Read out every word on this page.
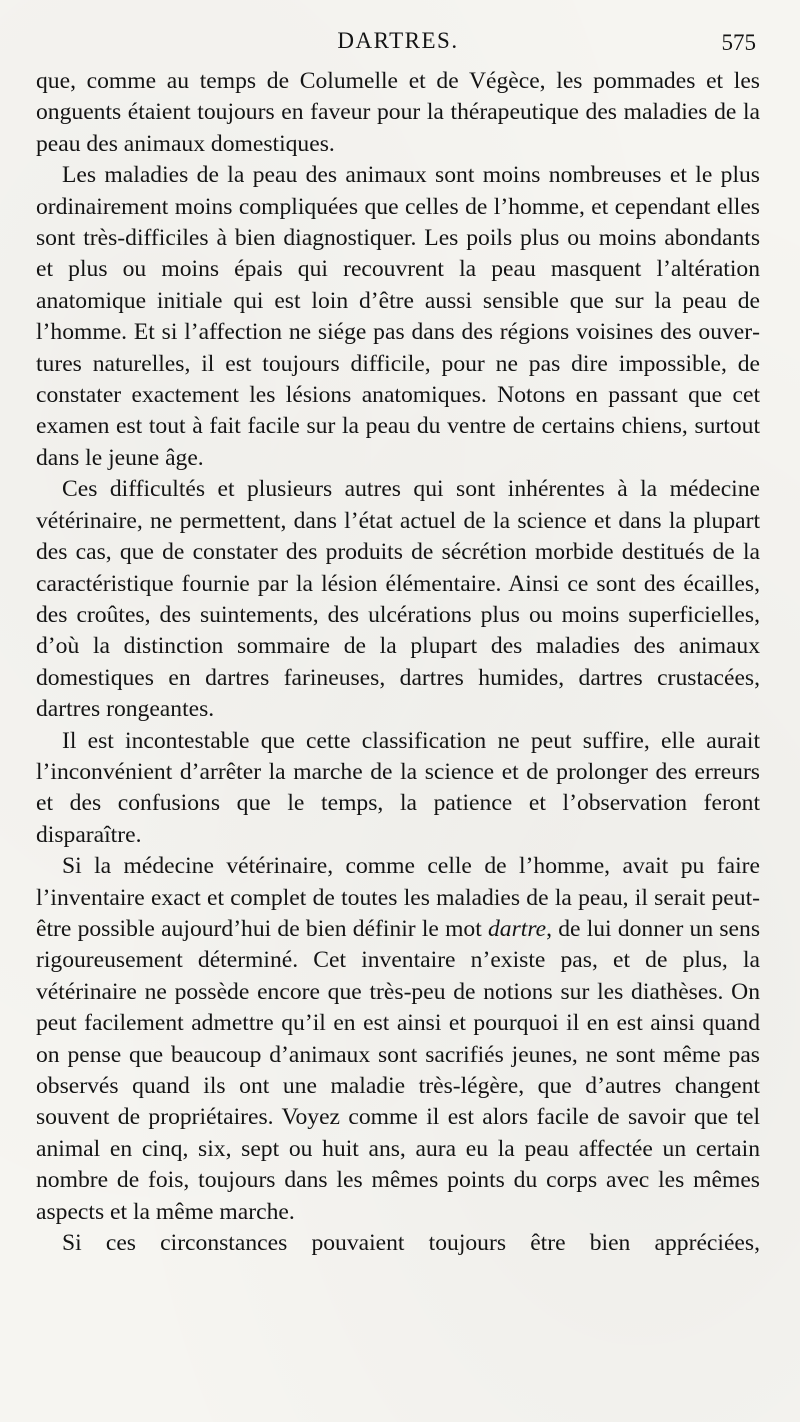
DARTRES.	575

que, comme au temps de Columelle et de Végèce, les pommades et les onguents étaient toujours en faveur pour la thérapeutique des maladies de la peau des animaux domestiques.

Les maladies de la peau des animaux sont moins nombreuses et le plus ordinairement moins compliquées que celles de l’homme, et cependant elles sont très-difficiles à bien diagnostiquer. Les poils plus ou moins abondants et plus ou moins épais qui recouvrent la peau masquent l’altération anatomique initiale qui est loin d’être aussi sensible que sur la peau de l’homme. Et si l’affection ne siége pas dans des régions voisines des ouvertures naturelles, il est toujours difficile, pour ne pas dire impossible, de constater exactement les lésions anatomiques. Notons en passant que cet examen est tout à fait facile sur la peau du ventre de certains chiens, surtout dans le jeune âge.

Ces difficultés et plusieurs autres qui sont inhérentes à la médecine vétérinaire, ne permettent, dans l’état actuel de la science et dans la plupart des cas, que de constater des produits de sécrétion morbide destitués de la caractéristique fournie par la lésion élémentaire. Ainsi ce sont des écailles, des croûtes, des suintements, des ulcérations plus ou moins superficielles, d’où la distinction sommaire de la plupart des maladies des animaux domestiques en dartres farineuses, dartres humides, dartres crustacées, dartres rongeantes.

Il est incontestable que cette classification ne peut suffire, elle aurait l’inconvénient d’arrêter la marche de la science et de prolonger des erreurs et des confusions que le temps, la patience et l’observation feront disparaître.

Si la médecine vétérinaire, comme celle de l’homme, avait pu faire l’inventaire exact et complet de toutes les maladies de la peau, il serait peut-être possible aujourd’hui de bien définir le mot dartre, de lui donner un sens rigoureusement déterminé. Cet inventaire n’existe pas, et de plus, la vétérinaire ne possède encore que très-peu de notions sur les diathèses. On peut facilement admettre qu’il en est ainsi et pourquoi il en est ainsi quand on pense que beaucoup d’animaux sont sacrifiés jeunes, ne sont même pas observés quand ils ont une maladie très-légère, que d’autres changent souvent de propriétaires. Voyez comme il est alors facile de savoir que tel animal en cinq, six, sept ou huit ans, aura eu la peau affectée un certain nombre de fois, toujours dans les mêmes points du corps avec les mêmes aspects et la même marche.

Si ces circonstances pouvaient toujours être bien appréciées,
